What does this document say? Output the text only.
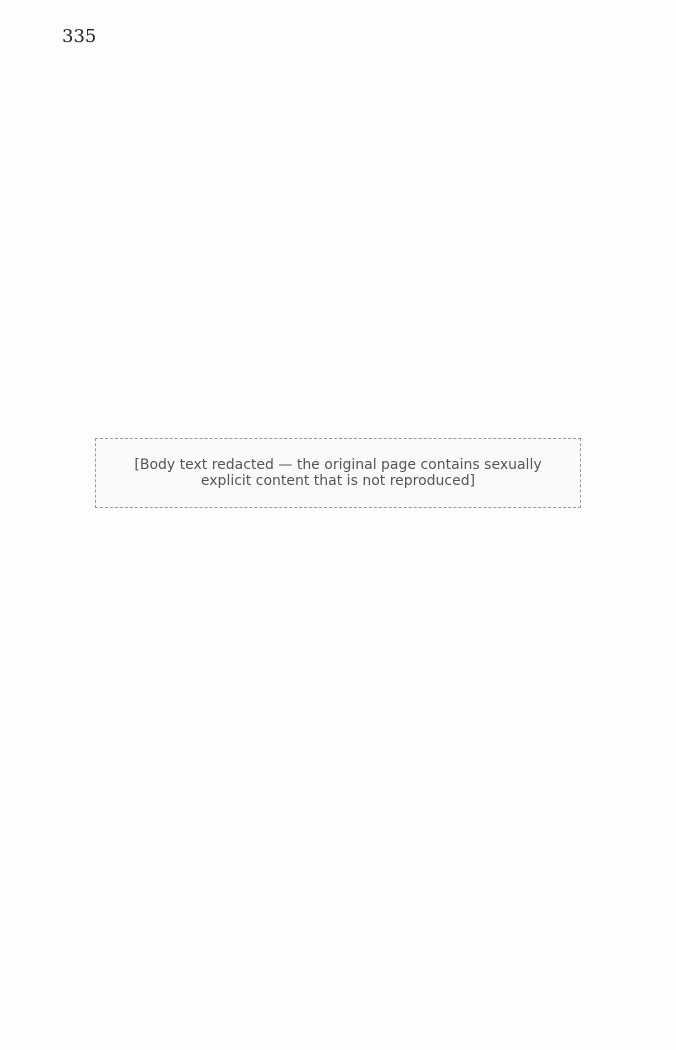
335
[Body text redacted — the original page contains sexually explicit content that is not reproduced]
